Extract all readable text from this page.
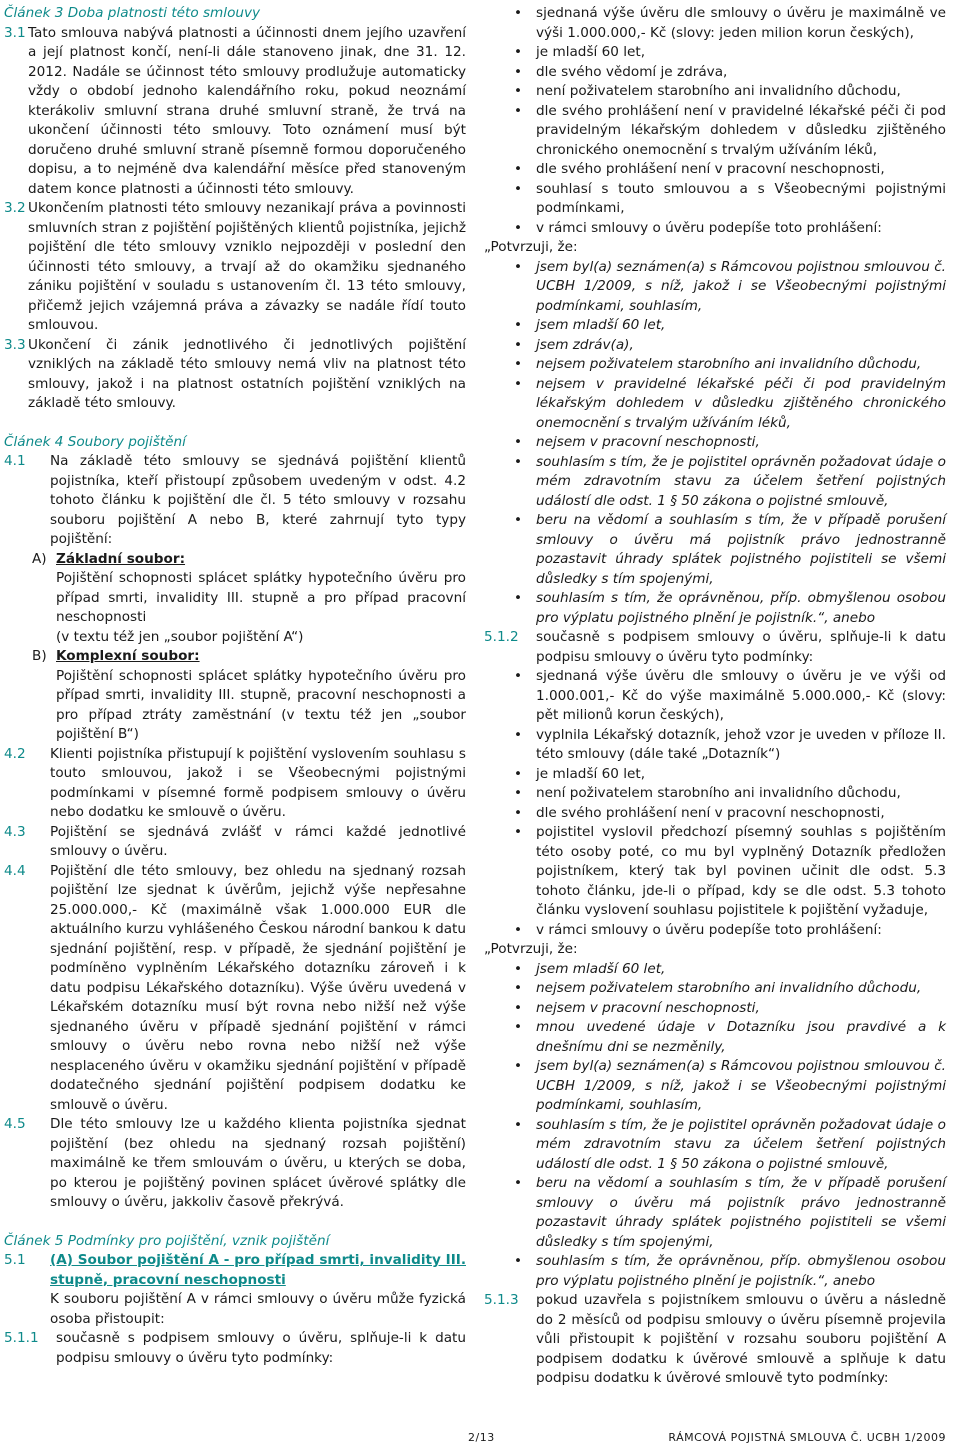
Článek 3 Doba platnosti této smlouvy

3.1 Tato smlouva nabývá platnosti a účinnosti dnem jejího uzavření a její platnost končí, není-li dále stanoveno jinak, dne 31. 12. 2012. Nadále se účinnost této smlouvy prodlužuje automaticky vždy o období jednoho kalendářního roku, pokud neoznámí kterákoliv smluvní strana druhé smluvní straně, že trvá na ukončení účinnosti této smlouvy. Toto oznámení musí být doručeno druhé smluvní straně písemně formou doporučeného dopisu, a to nejméně dva kalendářní měsíce před stanoveným datem konce platnosti a účinnosti této smlouvy.
3.2 Ukončením platnosti této smlouvy nezanikají práva a povinnosti smluvních stran z pojištění pojištěných klientů pojistníka, jejichž pojištění dle této smlouvy vzniklo nejpozději v poslední den účinnosti této smlouvy, a trvají až do okamžiku sjednaného zániku pojištění v souladu s ustanovením čl. 13 této smlouvy, přičemž jejich vzájemná práva a závazky se nadále řídí touto smlouvou.
3.3 Ukončení či zánik jednotlivého či jednotlivých pojištění vzniklých na základě této smlouvy nemá vliv na platnost této smlouvy, jakož i na platnost ostatních pojištění vzniklých na základě této smlouvy.

Článek 4 Soubory pojištění

4.1	Na základě této smlouvy se sjednává pojištění klientů pojistníka, kteří přistoupí způsobem uvedeným v odst. 4.2 tohoto článku k pojištění dle čl. 5 této smlouvy v rozsahu souboru pojištění A nebo B, které zahrnují tyto typy pojištění:
A) Základní soubor:
Pojištění schopnosti splácet splátky hypotečního úvěru pro případ smrti, invalidity III. stupně a pro případ pracovní neschopnosti
(v textu též jen „soubor pojištění A“)
B) Komplexní soubor:
Pojištění schopnosti splácet splátky hypotečního úvěru pro případ smrti, invalidity III. stupně, pracovní neschopnosti a pro případ ztráty zaměstnání (v textu též jen „soubor pojištění B“)
4.2	Klienti pojistníka přistupují k pojištění vyslovením souhlasu s touto smlouvou, jakož i se Všeobecnými pojistnými podmínkami v písemné formě podpisem smlouvy o úvěru nebo dodatku ke smlouvě o úvěru.
4.3	Pojištění se sjednává zvlášť v rámci každé jednotlivé smlouvy o úvěru.
4.4	Pojištění dle této smlouvy, bez ohledu na sjednaný rozsah pojištění lze sjednat k úvěrům, jejichž výše nepřesahne 25.000.000,- Kč (maximálně však 1.000.000 EUR dle aktuálního kurzu vyhlášeného Českou národní bankou k datu sjednání pojištění, resp. v případě, že sjednání pojištění je podmíněno vyplněním Lékařského dotazníku zároveň i k datu podpisu Lékařského dotazníku). Výše úvěru uvedená v Lékařském dotazníku musí být rovna nebo nižší než výše sjednaného úvěru v případě sjednání pojištění v rámci smlouvy o úvěru nebo rovna nebo nižší než výše nesplaceného úvěru v okamžiku sjednání pojištění v případě dodatečného sjednání pojištění podpisem dodatku ke smlouvě o úvěru.
4.5	Dle této smlouvy lze u každého klienta pojistníka sjednat pojištění (bez ohledu na sjednaný rozsah pojištění) maximálně ke třem smlouvám o úvěru, u kterých se doba, po kterou je pojištěný povinen splácet úvěrové splátky dle smlouvy o úvěru, jakkoliv časově překrývá.

Článek 5 Podmínky pro pojištění, vznik pojištění

5.1	(A) Soubor pojištění A - pro případ smrti, invalidity III. stupně, pracovní neschopnosti
K souboru pojištění A v rámci smlouvy o úvěru může fyzická osoba přistoupit:
5.1.1	současně s podpisem smlouvy o úvěru, splňuje-li k datu podpisu smlouvy o úvěru tyto podmínky:
• sjednaná výše úvěru dle smlouvy o úvěru je maximálně ve výši 1.000.000,- Kč (slovy: jeden milion korun českých),
• je mladší 60 let,
• dle svého vědomí je zdráva,
• není poživatelem starobního ani invalidního důchodu,
• dle svého prohlášení není v pravidelné lékařské péči či pod pravidelným lékařským dohledem v důsledku zjištěného chronického onemocnění s trvalým užíváním léků,
• dle svého prohlášení není v pracovní neschopnosti,
• souhlasí s touto smlouvou a s Všeobecnými pojistnými podmínkami,
• v rámci smlouvy o úvěru podepíše toto prohlášení:

„Potvrzuji, že:

• jsem byl(a) seznámen(a) s Rámcovou pojistnou smlouvou č. UCBH 1/2009, s níž, jakož i se Všeobecnými pojistnými podmínkami, souhlasím,
• jsem mladší 60 let,
• jsem zdráv(a),
• nejsem poživatelem starobního ani invalidního důchodu,
• nejsem v pravidelné lékařské péči či pod pravidelným lékařským dohledem v důsledku zjištěného chronického onemocnění s trvalým užíváním léků,
• nejsem v pracovní neschopnosti,
• souhlasím s tím, že je pojistitel oprávněn požadovat údaje o mém zdravotním stavu za účelem šetření pojistných událostí dle odst. 1 § 50 zákona o pojistné smlouvě,
• beru na vědomí a souhlasím s tím, že v případě porušení smlouvy o úvěru má pojistník právo jednostranně pozastavit úhrady splátek pojistného pojistiteli se všemi důsledky s tím spojenými,
• souhlasím s tím, že oprávněnou, příp. obmyšlenou osobou pro výplatu pojistného plnění je pojistník.“, anebo
5.1.2	současně s podpisem smlouvy o úvěru, splňuje-li k datu podpisu smlouvy o úvěru tyto podmínky:
• sjednaná výše úvěru dle smlouvy o úvěru je ve výši od 1.000.001,- Kč do výše maximálně 5.000.000,- Kč (slovy: pět milionů korun českých),
• vyplnila Lékařský dotazník, jehož vzor je uveden v příloze II. této smlouvy (dále také „Dotazník“)
• je mladší 60 let,
• není poživatelem starobního ani invalidního důchodu,
• dle svého prohlášení není v pracovní neschopnosti,
• pojistitel vyslovil předchozí písemný souhlas s pojištěním této osoby poté, co mu byl vyplněný Dotazník předložen pojistníkem, který tak byl povinen učinit dle odst. 5.3 tohoto článku, jde-li o případ, kdy se dle odst. 5.3 tohoto článku vyslovení souhlasu pojistitele k pojištění vyžaduje,
• v rámci smlouvy o úvěru podepíše toto prohlášení:

„Potvrzuji, že:

• jsem mladší 60 let,
• nejsem poživatelem starobního ani invalidního důchodu,
• nejsem v pracovní neschopnosti,
• mnou uvedené údaje v Dotazníku jsou pravdivé a k dnešnímu dni se nezměnily,
• jsem byl(a) seznámen(a) s Rámcovou pojistnou smlouvou č. UCBH 1/2009, s níž, jakož i se Všeobecnými pojistnými podmínkami, souhlasím,
• souhlasím s tím, že je pojistitel oprávněn požadovat údaje o mém zdravotním stavu za účelem šetření pojistných událostí dle odst. 1 § 50 zákona o pojistné smlouvě,
• beru na vědomí a souhlasím s tím, že v případě porušení smlouvy o úvěru má pojistník právo jednostranně pozastavit úhrady splátek pojistného pojistiteli se všemi důsledky s tím spojenými,
• souhlasím s tím, že oprávněnou, příp. obmyšlenou osobou pro výplatu pojistného plnění je pojistník.“, anebo
5.1.3	pokud uzavřela s pojistníkem smlouvu o úvěru a následně do 2 měsíců od podpisu smlouvy o úvěru písemně projevila vůli přistoupit k pojištění v rozsahu souboru pojištění A podpisem dodatku k úvěrové smlouvě a splňuje k datu podpisu dodatku k úvěrové smlouvě tyto podmínky:
2/13	RÁMCOVÁ POJISTNÁ SMLOUVA Č. UCBH 1/2009
